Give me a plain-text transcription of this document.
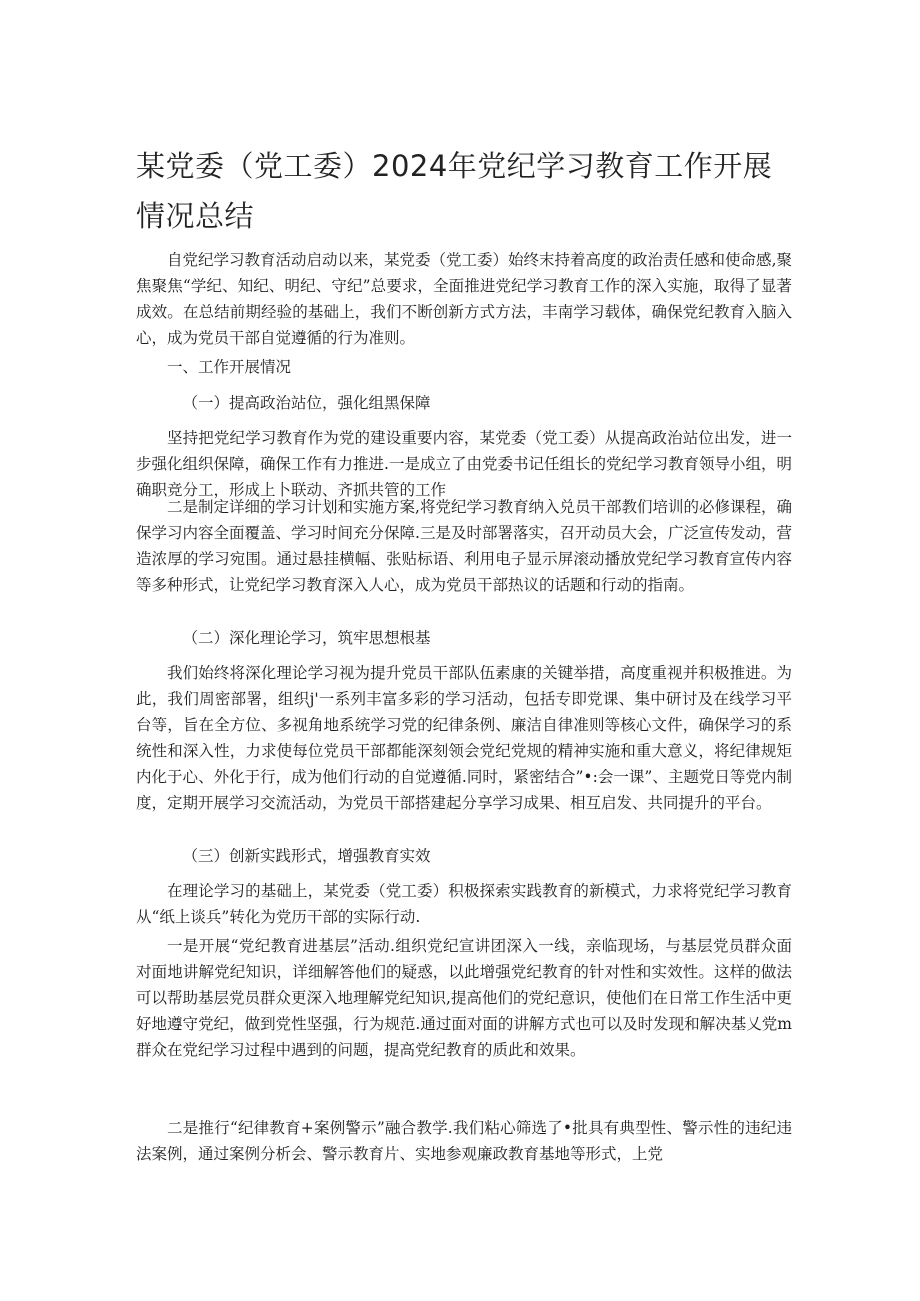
某党委（党工委）2024年党纪学习教育工作开展情况总结

自党纪学习教育活动启动以来，某党委（党工委）始终末持着高度的政治责任感和使命感,聚焦聚焦“学纪、知纪、明纪、守纪”总要求，全面推进党纪学习教育工作的深入实施，取得了显著成效。在总结前期经验的基础上，我们不断创新方式方法，丰南学习载体，确保党纪教育入脑入心，成为党员干部自觉遵循的行为准则。

一、工作开展情况

（一）提高政治站位，强化组黑保障

坚持把党纪学习教育作为党的建设重要内容，某党委（党工委）从提高政治站位出发，进一步强化组织保障，确保工作有力推进.一是成立了由党委书记任组长的党纪学习教育领导小组，明确职竞分工，形成上卜联动、齐抓共管的工作

二是制定详细的学习计划和实施方案,将党纪学习教育纳入兑员干部教们培训的必修课程，确保学习内容全面覆盖、学习时间充分保障.三是及时部署落实，召开动员大会，广泛宣传发动，营造浓厚的学习宛围。通过悬挂横幅、张贴标语、利用电子显示屏滚动播放党纪学习教育宣传内容等多种形式，让党纪学习教育深入人心，成为党员干部热议的话题和行动的指南。

（二）深化理论学习，筑牢思想根基

我们始终将深化理论学习视为提升党员干部队伍素康的关键举措，高度重视并积极推进。为此，我们周密部署，组织j'一系列丰富多彩的学习活动，包括专即党课、集中研讨及在线学习平台等，旨在全方位、多视角地系统学习党的纪律条例、廉洁自律准则等核心文件，确保学习的系统性和深入性，力求使每位党员干部都能深刻领会党纪党规的精神实施和重大意义，将纪律规矩内化于心、外化于行，成为他们行动的自觉遵循.同时，紧密结合”•:会一课”、主题党日等党内制度，定期开展学习交流活动，为党员干部搭建起分享学习成果、相互启发、共同提升的平台。

（三）创新实践形式，增强教育实效

在理论学习的基础上，某党委（党工委）积极探索实践教育的新模式，力求将党纪学习教育从“纸上谈兵”转化为党历干部的实际行动.

一是开展“党纪教育进基层”活动.组织党纪宣讲团深入一线，亲临现场，与基层党员群众面对面地讲解党纪知识，详细解答他们的疑惑，以此增强党纪教育的针对性和实效性。这样的做法可以帮助基层党员群众更深入地理解党纪知识,提高他们的党纪意识，使他们在日常工作生活中更好地遵守党纪，做到党性坚强，行为规范.通过面对面的讲解方式也可以及时发现和解决基乂党m群众在党纪学习过程中遇到的问题，提高党纪教育的质此和效果。

二是推行“纪律教育+案例警示”融合教学.我们粘心筛选了•批具有典型性、警示性的违纪违法案例，通过案例分析会、警示教育片、实地参观廉政教育基地等形式，上党
